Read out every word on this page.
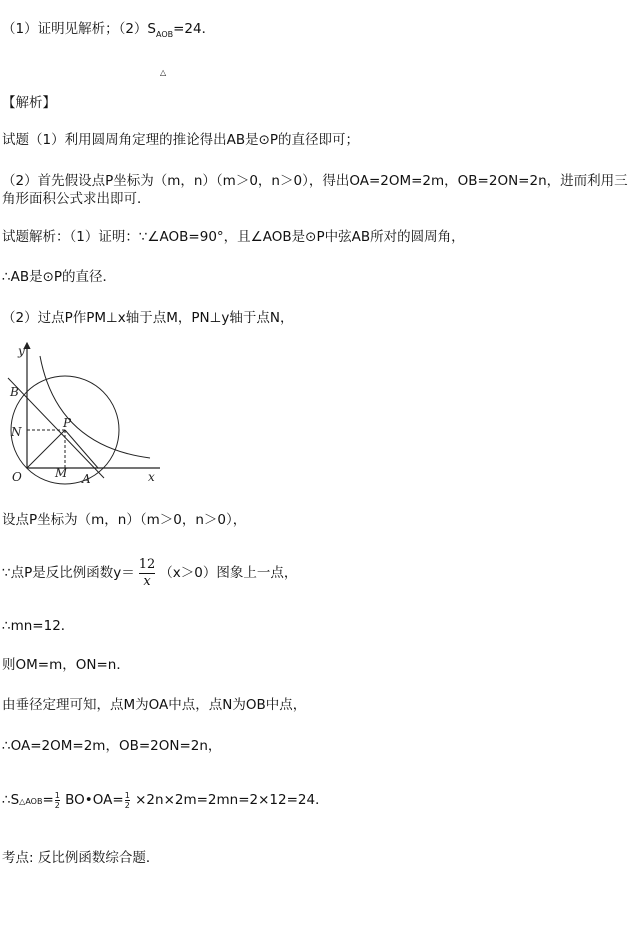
（1）证明见解析；$(2)S_{AOB}=24$．
△
【解析】
试题（1）利用圆周角定理的推论得出AB是⊙P的直径即可；
（2）首先假设点P坐标为（m，n）（m＞0，n＞0），得出OA=2OM=2m，OB=2ON=2n，进而利用三角形面积公式求出即可．
试题解析：（1）证明：∵∠AOB=90°，且∠AOB是⊙P中弦AB所对的圆周角，
∴AB是⊙P的直径．
（2）过点P作PM⊥x轴于点M，PN⊥y轴于点N，
y
B
N
P
O	M A	x
设点P坐标为（m，n）（m＞0，n＞0），
∵点P是反比例函数$y= \frac{12}{x} (x>0)$图象上一点，
∴mn=12．
则OM=m，ON=n．
由垂径定理可知，点M为OA中点，点N为OB中点，
∴OA=2OM=2m，OB=2ON=2n，
∴S△AOB= $\frac{1}{2}$ BO•OA= $\frac{1}{2} \times 2n\times 2m=2mn=2\times 12=24$．
考点: 反比例函数综合题．
